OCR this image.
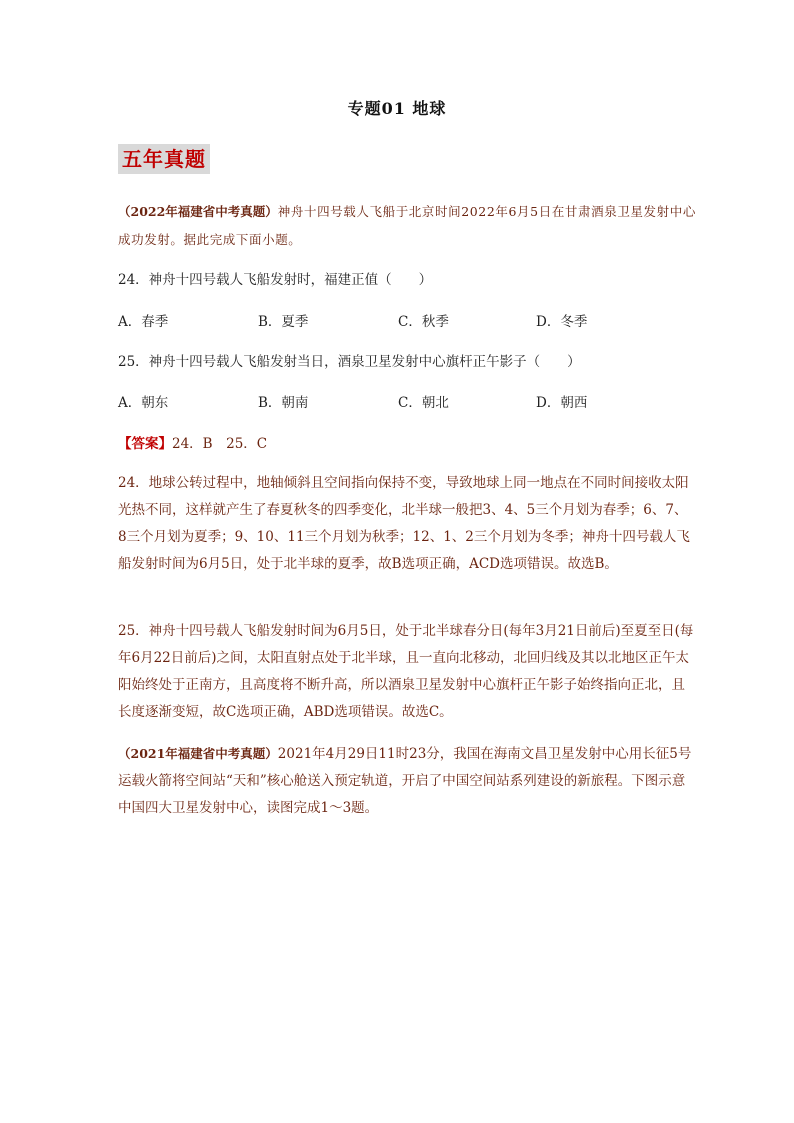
专题01 地球
五年真题
（2022年福建省中考真题）神舟十四号载人飞船于北京时间2022年6月5日在甘肃酒泉卫星发射中心成功发射。据此完成下面小题。
24．神舟十四号载人飞船发射时，福建正值（　　）
A．春季	B．夏季	C．秋季	D．冬季
25．神舟十四号载人飞船发射当日，酒泉卫星发射中心旗杆正午影子（　　）
A．朝东	B．朝南	C．朝北	D．朝西
【答案】24．B　25．C
24．地球公转过程中，地轴倾斜且空间指向保持不变，导致地球上同一地点在不同时间接收太阳光热不同，这样就产生了春夏秋冬的四季变化，北半球一般把3、4、5三个月划为春季；6、7、8三个月划为夏季；9、10、11三个月划为秋季；12、1、2三个月划为冬季；神舟十四号载人飞船发射时间为6月5日，处于北半球的夏季，故B选项正确，ACD选项错误。故选B。
25．神舟十四号载人飞船发射时间为6月5日，处于北半球春分日(每年3月21日前后)至夏至日(每年6月22日前后)之间，太阳直射点处于北半球，且一直向北移动，北回归线及其以北地区正午太阳始终处于正南方，且高度将不断升高，所以酒泉卫星发射中心旗杆正午影子始终指向正北，且长度逐渐变短，故C选项正确，ABD选项错误。故选C。
（2021年福建省中考真题）2021年4月29日11时23分，我国在海南文昌卫星发射中心用长征5号运载火箭将空间站“天和”核心舱送入预定轨道，开启了中国空间站系列建设的新旅程。下图示意中国四大卫星发射中心，读图完成1～3题。
